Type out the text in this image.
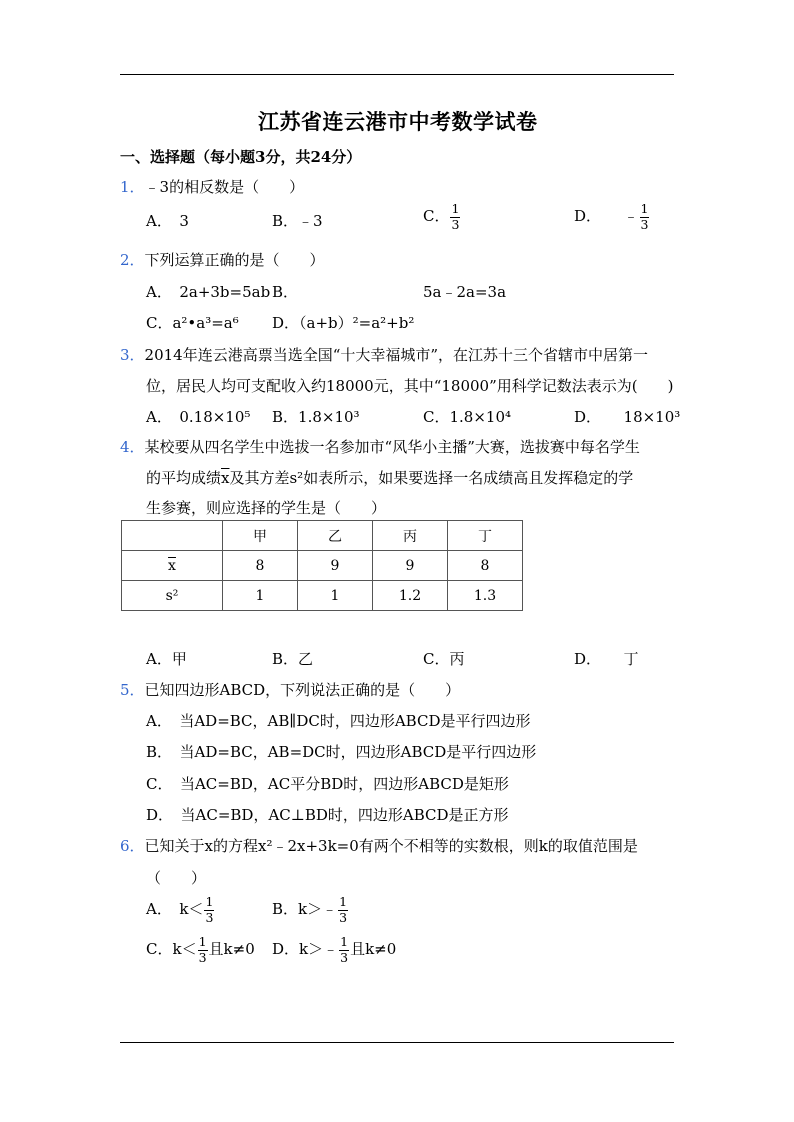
江苏省连云港市中考数学试卷
一、选择题（每小题3分，共24分）
1．﹣3的相反数是（　　）
A．　3	B．﹣3	C． $\frac{1}{3}$	D．　　﹣ $\frac{1}{3}$
2．下列运算正确的是（　　）
A．　2a+3b=5ab B．	5a﹣2a=3a
C．a²•a³=a⁶ D．（a+b）²=a²+b²
3．2014年连云港高票当选全国“十大幸福城市”，在江苏十三个省辖市中居第一
位，居民人均可支配收入约18000元，其中“18000”用科学记数法表示为(　　)
A．　0.18×10⁵ B．1.8×10³	C．1.8×10⁴	D．　　18×10³
4．某校要从四名学生中选拔一名参加市“风华小主播”大赛，选拔赛中每名学生
的平均成绩$\overline{x}$及其方差s²如表所示，如果要选择一名成绩高且发挥稳定的学
生参赛，则应选择的学生是（　　）
	甲	乙	丙	丁
$\overline{x}$	8	9	9	8
s²	1	1	1.2	1.3
A．甲	B．乙	C．丙	D．　　丁
5．已知四边形ABCD，下列说法正确的是（　　）
A．　当AD=BC，AB∥DC时，四边形ABCD是平行四边形
B．　当AD=BC，AB=DC时，四边形ABCD是平行四边形
C．　当AC=BD，AC平分BD时，四边形ABCD是矩形
D．　当AC=BD，AC⊥BD时，四边形ABCD是正方形
6．已知关于x的方程x²﹣2x+3k=0有两个不相等的实数根，则k的取值范围是
（　　）
A．　$k< \frac{1}{3}$	B．k＞﹣ $\frac{1}{3}$
C．$k< \frac{1}{3}$ 且k≠0 D．k＞﹣ $\frac{1}{3}$ 且k≠0
